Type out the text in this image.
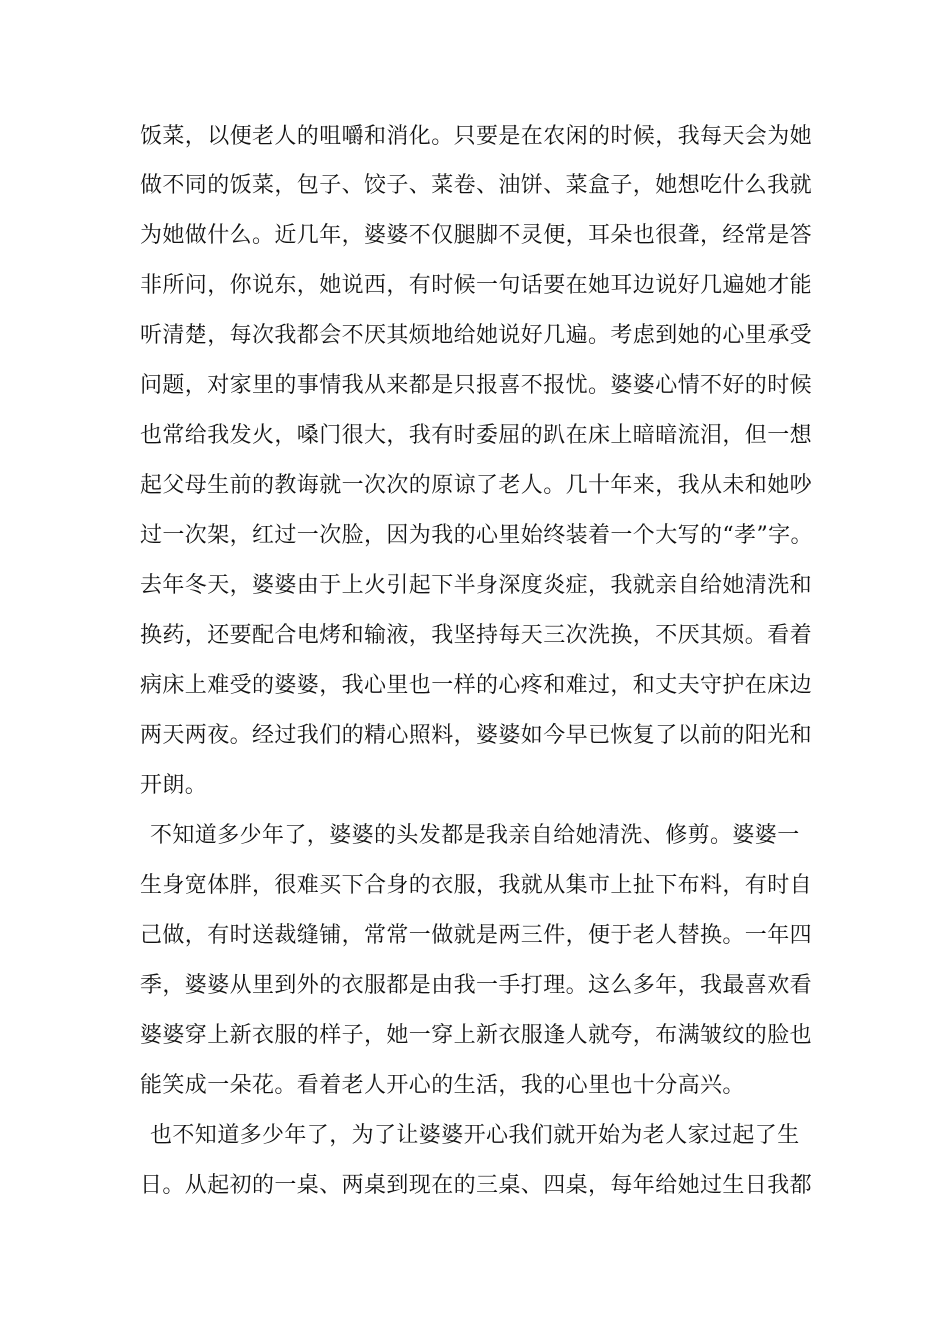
饭菜，以便老人的咀嚼和消化。只要是在农闲的时候，我每天会为她
做不同的饭菜，包子、饺子、菜卷、油饼、菜盒子，她想吃什么我就
为她做什么。近几年，婆婆不仅腿脚不灵便，耳朵也很聋，经常是答
非所问，你说东，她说西，有时候一句话要在她耳边说好几遍她才能
听清楚，每次我都会不厌其烦地给她说好几遍。考虑到她的心里承受
问题，对家里的事情我从来都是只报喜不报忧。婆婆心情不好的时候
也常给我发火，嗓门很大，我有时委屈的趴在床上暗暗流泪，但一想
起父母生前的教诲就一次次的原谅了老人。几十年来，我从未和她吵
过一次架，红过一次脸，因为我的心里始终装着一个大写的“孝”字。
去年冬天，婆婆由于上火引起下半身深度炎症，我就亲自给她清洗和
换药，还要配合电烤和输液，我坚持每天三次洗换，不厌其烦。看着
病床上难受的婆婆，我心里也一样的心疼和难过，和丈夫守护在床边
两天两夜。经过我们的精心照料，婆婆如今早已恢复了以前的阳光和
开朗。
不知道多少年了，婆婆的头发都是我亲自给她清洗、修剪。婆婆一
生身宽体胖，很难买下合身的衣服，我就从集市上扯下布料，有时自
己做，有时送裁缝铺，常常一做就是两三件，便于老人替换。一年四
季，婆婆从里到外的衣服都是由我一手打理。这么多年，我最喜欢看
婆婆穿上新衣服的样子，她一穿上新衣服逢人就夸，布满皱纹的脸也
能笑成一朵花。看着老人开心的生活，我的心里也十分高兴。
也不知道多少年了，为了让婆婆开心我们就开始为老人家过起了生
日。从起初的一桌、两桌到现在的三桌、四桌，每年给她过生日我都
